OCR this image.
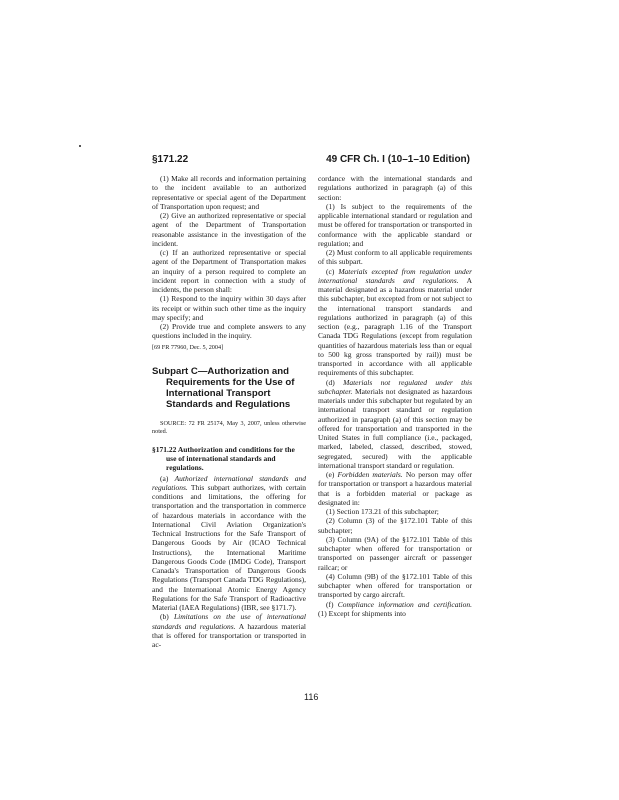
§171.22	49 CFR Ch. I (10–1–10 Edition)

(1) Make all records and information pertaining to the incident available to an authorized representative or special agent of the Department of Transportation upon request; and

(2) Give an authorized representative or special agent of the Department of Transportation reasonable assistance in the investigation of the incident.

(c) If an authorized representative or special agent of the Department of Transportation makes an inquiry of a person required to complete an incident report in connection with a study of incidents, the person shall:

(1) Respond to the inquiry within 30 days after its receipt or within such other time as the inquiry may specify; and

(2) Provide true and complete answers to any questions included in the inquiry.

[69 FR 77960, Dec. 5, 2004]

Subpart C—Authorization and Requirements for the Use of International Transport Standards and Regulations

SOURCE: 72 FR 25174, May 3, 2007, unless otherwise noted.

§171.22 Authorization and conditions for the use of international standards and regulations.

(a) Authorized international standards and regulations. This subpart authorizes, with certain conditions and limitations, the offering for transportation and the transportation in commerce of hazardous materials in accordance with the International Civil Aviation Organization's Technical Instructions for the Safe Transport of Dangerous Goods by Air (ICAO Technical Instructions), the International Maritime Dangerous Goods Code (IMDG Code), Transport Canada's Transportation of Dangerous Goods Regulations (Transport Canada TDG Regulations), and the International Atomic Energy Agency Regulations for the Safe Transport of Radioactive Material (IAEA Regulations) (IBR, see §171.7).

(b) Limitations on the use of international standards and regulations. A hazardous material that is offered for transportation or transported in ac-

cordance with the international standards and regulations authorized in paragraph (a) of this section:

(1) Is subject to the requirements of the applicable international standard or regulation and must be offered for transportation or transported in conformance with the applicable standard or regulation; and

(2) Must conform to all applicable requirements of this subpart.

(c) Materials excepted from regulation under international standards and regulations. A material designated as a hazardous material under this subchapter, but excepted from or not subject to the international transport standards and regulations authorized in paragraph (a) of this section (e.g., paragraph 1.16 of the Transport Canada TDG Regulations (except from regulation quantities of hazardous materials less than or equal to 500 kg gross transported by rail)) must be transported in accordance with all applicable requirements of this subchapter.

(d) Materials not regulated under this subchapter. Materials not designated as hazardous materials under this subchapter but regulated by an international transport standard or regulation authorized in paragraph (a) of this section may be offered for transportation and transported in the United States in full compliance (i.e., packaged, marked, labeled, classed, described, stowed, segregated, secured) with the applicable international transport standard or regulation.

(e) Forbidden materials. No person may offer for transportation or transport a hazardous material that is a forbidden material or package as designated in:

(1) Section 173.21 of this subchapter;

(2) Column (3) of the §172.101 Table of this subchapter;

(3) Column (9A) of the §172.101 Table of this subchapter when offered for transportation or transported on passenger aircraft or passenger railcar; or

(4) Column (9B) of the §172.101 Table of this subchapter when offered for transportation or transported by cargo aircraft.

(f) Compliance information and certification. (1) Except for shipments into

116
